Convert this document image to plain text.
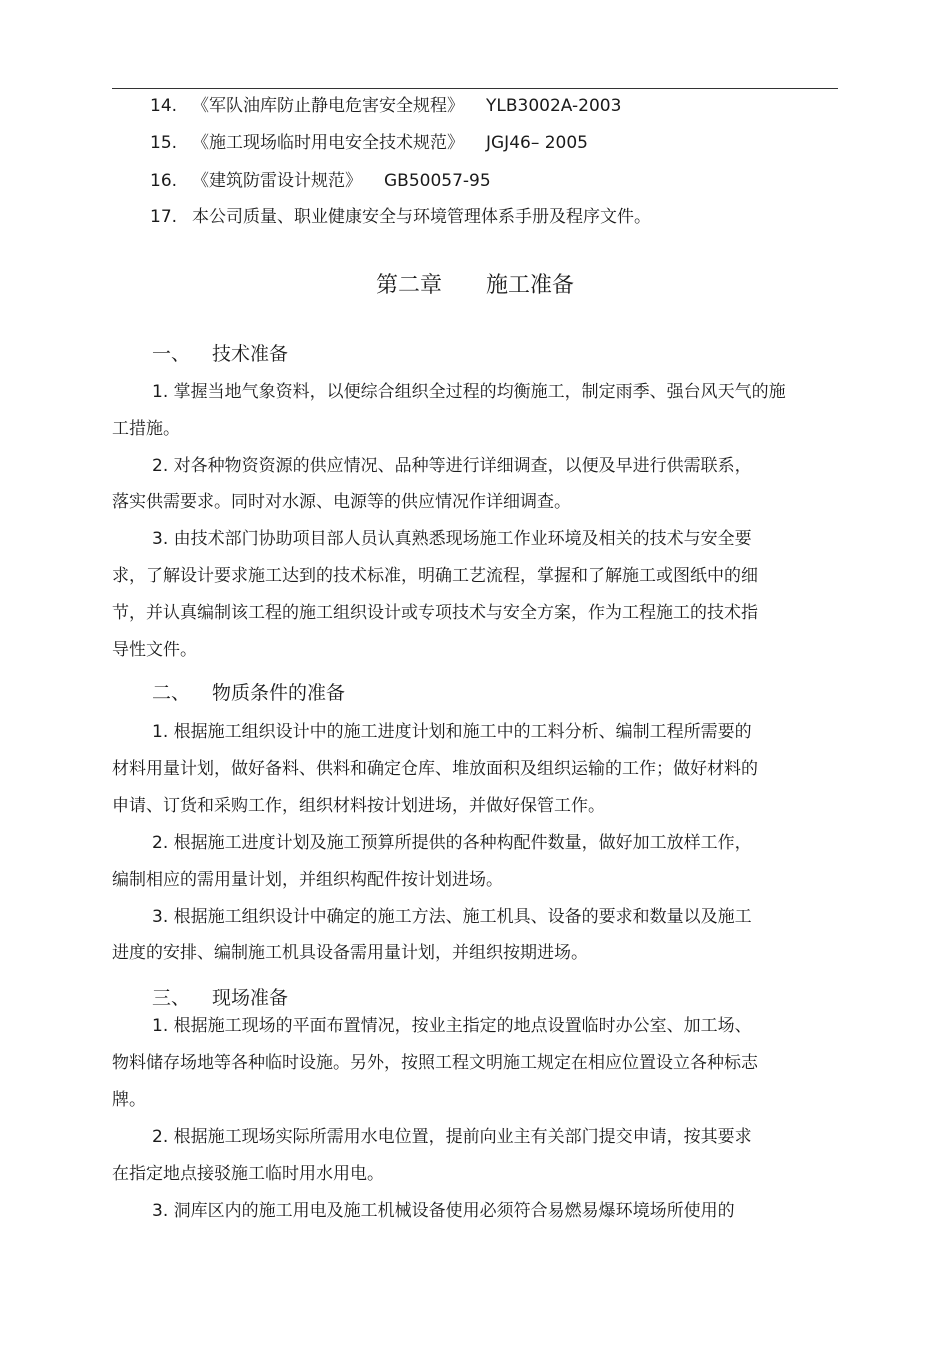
14. 《军队油库防止静电危害安全规程》 YLB3002A-2003
15. 《施工现场临时用电安全技术规范》 JGJ46– 2005
16. 《建筑防雷设计规范》 GB50057-95
17. 本公司质量、职业健康安全与环境管理体系手册及程序文件。
第二章　　施工准备
一、 技术准备
1. 掌握当地气象资料，以便综合组织全过程的均衡施工，制定雨季、强台风天气的施
工措施。
2. 对各种物资资源的供应情况、品种等进行详细调查，以便及早进行供需联系，
落实供需要求。同时对水源、电源等的供应情况作详细调查。
3. 由技术部门协助项目部人员认真熟悉现场施工作业环境及相关的技术与安全要
求，了解设计要求施工达到的技术标准，明确工艺流程，掌握和了解施工或图纸中的细
节，并认真编制该工程的施工组织设计或专项技术与安全方案，作为工程施工的技术指
导性文件。
二、 物质条件的准备
1. 根据施工组织设计中的施工进度计划和施工中的工料分析、编制工程所需要的
材料用量计划，做好备料、供料和确定仓库、堆放面积及组织运输的工作；做好材料的
申请、订货和采购工作，组织材料按计划进场，并做好保管工作。
2. 根据施工进度计划及施工预算所提供的各种构配件数量，做好加工放样工作，
编制相应的需用量计划，并组织构配件按计划进场。
3. 根据施工组织设计中确定的施工方法、施工机具、设备的要求和数量以及施工
进度的安排、编制施工机具设备需用量计划，并组织按期进场。
三、 现场准备
1. 根据施工现场的平面布置情况，按业主指定的地点设置临时办公室、加工场、
物料储存场地等各种临时设施。另外，按照工程文明施工规定在相应位置设立各种标志
牌。
2. 根据施工现场实际所需用水电位置，提前向业主有关部门提交申请，按其要求
在指定地点接驳施工临时用水用电。
3. 洞库区内的施工用电及施工机械设备使用必须符合易燃易爆环境场所使用的
